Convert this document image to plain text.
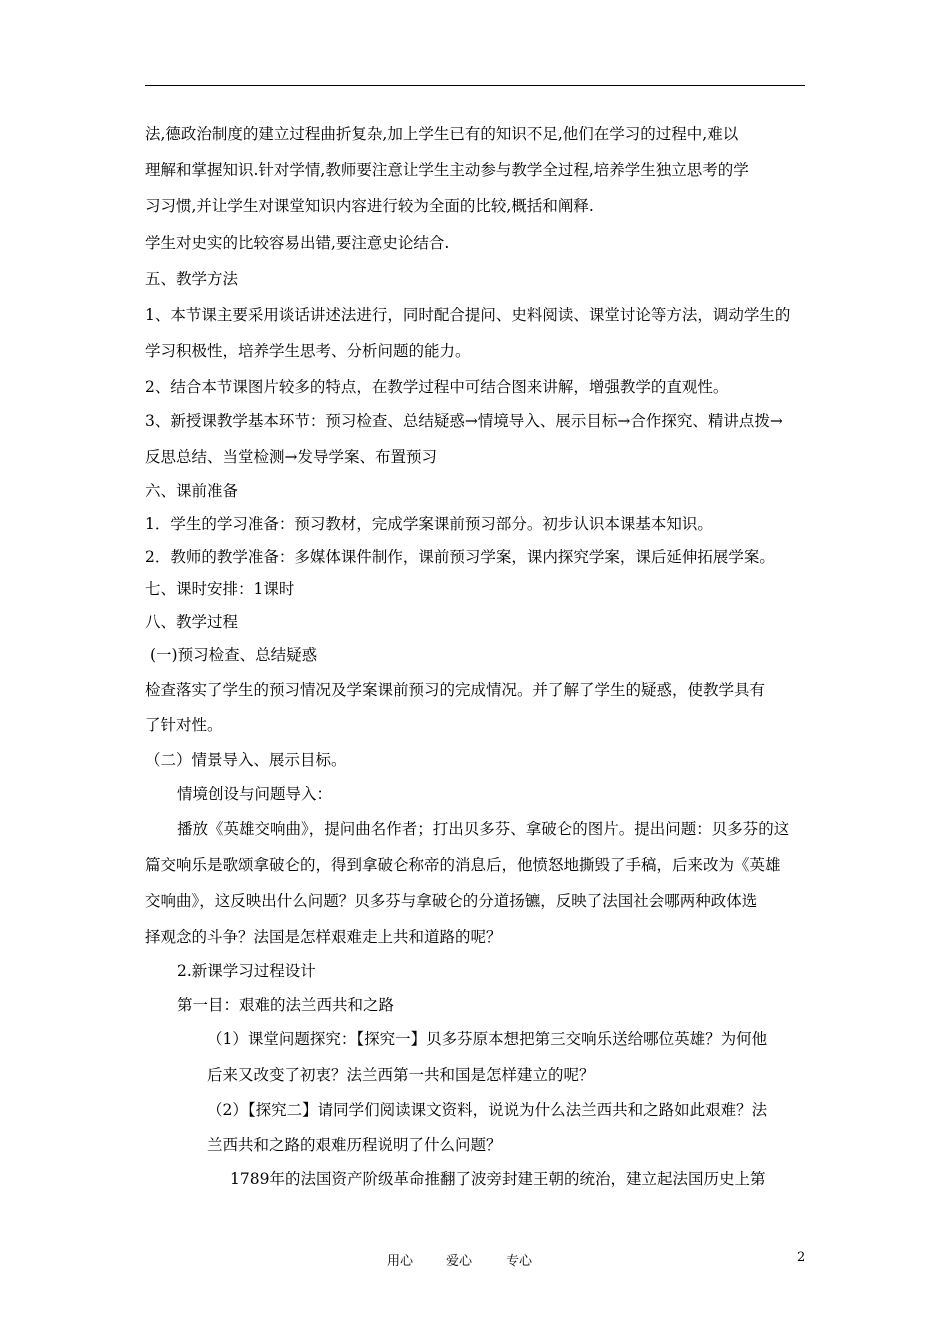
法,德政治制度的建立过程曲折复杂,加上学生已有的知识不足,他们在学习的过程中,难以
理解和掌握知识.针对学情,教师要注意让学生主动参与教学全过程,培养学生独立思考的学
习习惯,并让学生对课堂知识内容进行较为全面的比较,概括和阐释.
学生对史实的比较容易出错,要注意史论结合.
五、教学方法
1、本节课主要采用谈话讲述法进行，同时配合提问、史料阅读、课堂讨论等方法，调动学生的
学习积极性，培养学生思考、分析问题的能力。
2、结合本节课图片较多的特点，在教学过程中可结合图来讲解，增强教学的直观性。
3、新授课教学基本环节：预习检查、总结疑惑→情境导入、展示目标→合作探究、精讲点拨→
反思总结、当堂检测→发导学案、布置预习
六、课前准备
1．学生的学习准备：预习教材，完成学案课前预习部分。初步认识本课基本知识。
2．教师的教学准备：多媒体课件制作，课前预习学案，课内探究学案，课后延伸拓展学案。
七、课时安排：1课时
八、教学过程
(一)预习检查、总结疑惑
检查落实了学生的预习情况及学案课前预习的完成情况。并了解了学生的疑惑，使教学具有
了针对性。
（二）情景导入、展示目标。
情境创设与问题导入：
播放《英雄交响曲》，提问曲名作者；打出贝多芬、拿破仑的图片。提出问题：贝多芬的这
篇交响乐是歌颂拿破仑的，得到拿破仑称帝的消息后，他愤怒地撕毁了手稿，后来改为《英雄
交响曲》，这反映出什么问题？贝多芬与拿破仑的分道扬镳，反映了法国社会哪两种政体选
择观念的斗争？法国是怎样艰难走上共和道路的呢？
2.新课学习过程设计
第一目：艰难的法兰西共和之路
（1）课堂问题探究：【探究一】贝多芬原本想把第三交响乐送给哪位英雄？为何他
后来又改变了初衷？法兰西第一共和国是怎样建立的呢？
（2）【探究二】请同学们阅读课文资料，说说为什么法兰西共和之路如此艰难？法
兰西共和之路的艰难历程说明了什么问题？
1789年的法国资产阶级革命推翻了波旁封建王朝的统治，建立起法国历史上第
用心	爱心	专心	2
